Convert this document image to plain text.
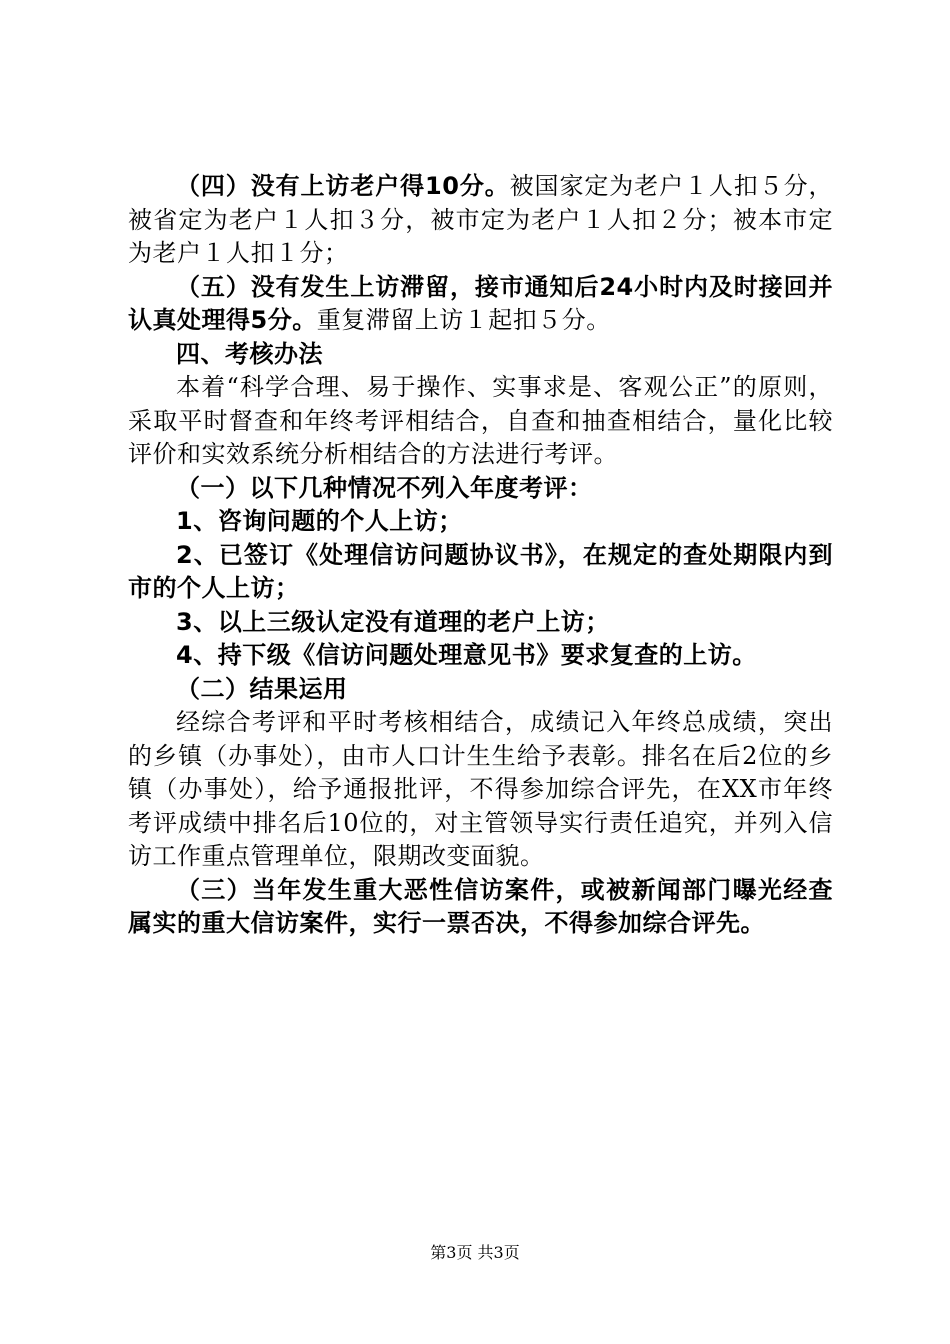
（四）没有上访老户得10分。被国家定为老户１人扣５分，被省定为老户１人扣３分，被市定为老户１人扣２分；被本市定为老户１人扣１分；

（五）没有发生上访滞留，接市通知后24小时内及时接回并认真处理得5分。重复滞留上访１起扣５分。

四、考核办法

本着“科学合理、易于操作、实事求是、客观公正”的原则，采取平时督查和年终考评相结合，自查和抽查相结合，量化比较评价和实效系统分析相结合的方法进行考评。

（一）以下几种情况不列入年度考评：

1、咨询问题的个人上访；

2、已签订《处理信访问题协议书》，在规定的查处期限内到市的个人上访；

3、以上三级认定没有道理的老户上访；

4、持下级《信访问题处理意见书》要求复查的上访。

（二）结果运用

经综合考评和平时考核相结合，成绩记入年终总成绩，突出的乡镇（办事处），由市人口计生生给予表彰。排名在后2位的乡镇（办事处），给予通报批评，不得参加综合评先，在XX市年终考评成绩中排名后10位的，对主管领导实行责任追究，并列入信访工作重点管理单位，限期改变面貌。

（三）当年发生重大恶性信访案件，或被新闻部门曝光经查属实的重大信访案件，实行一票否决，不得参加综合评先。

第3页 共3页
